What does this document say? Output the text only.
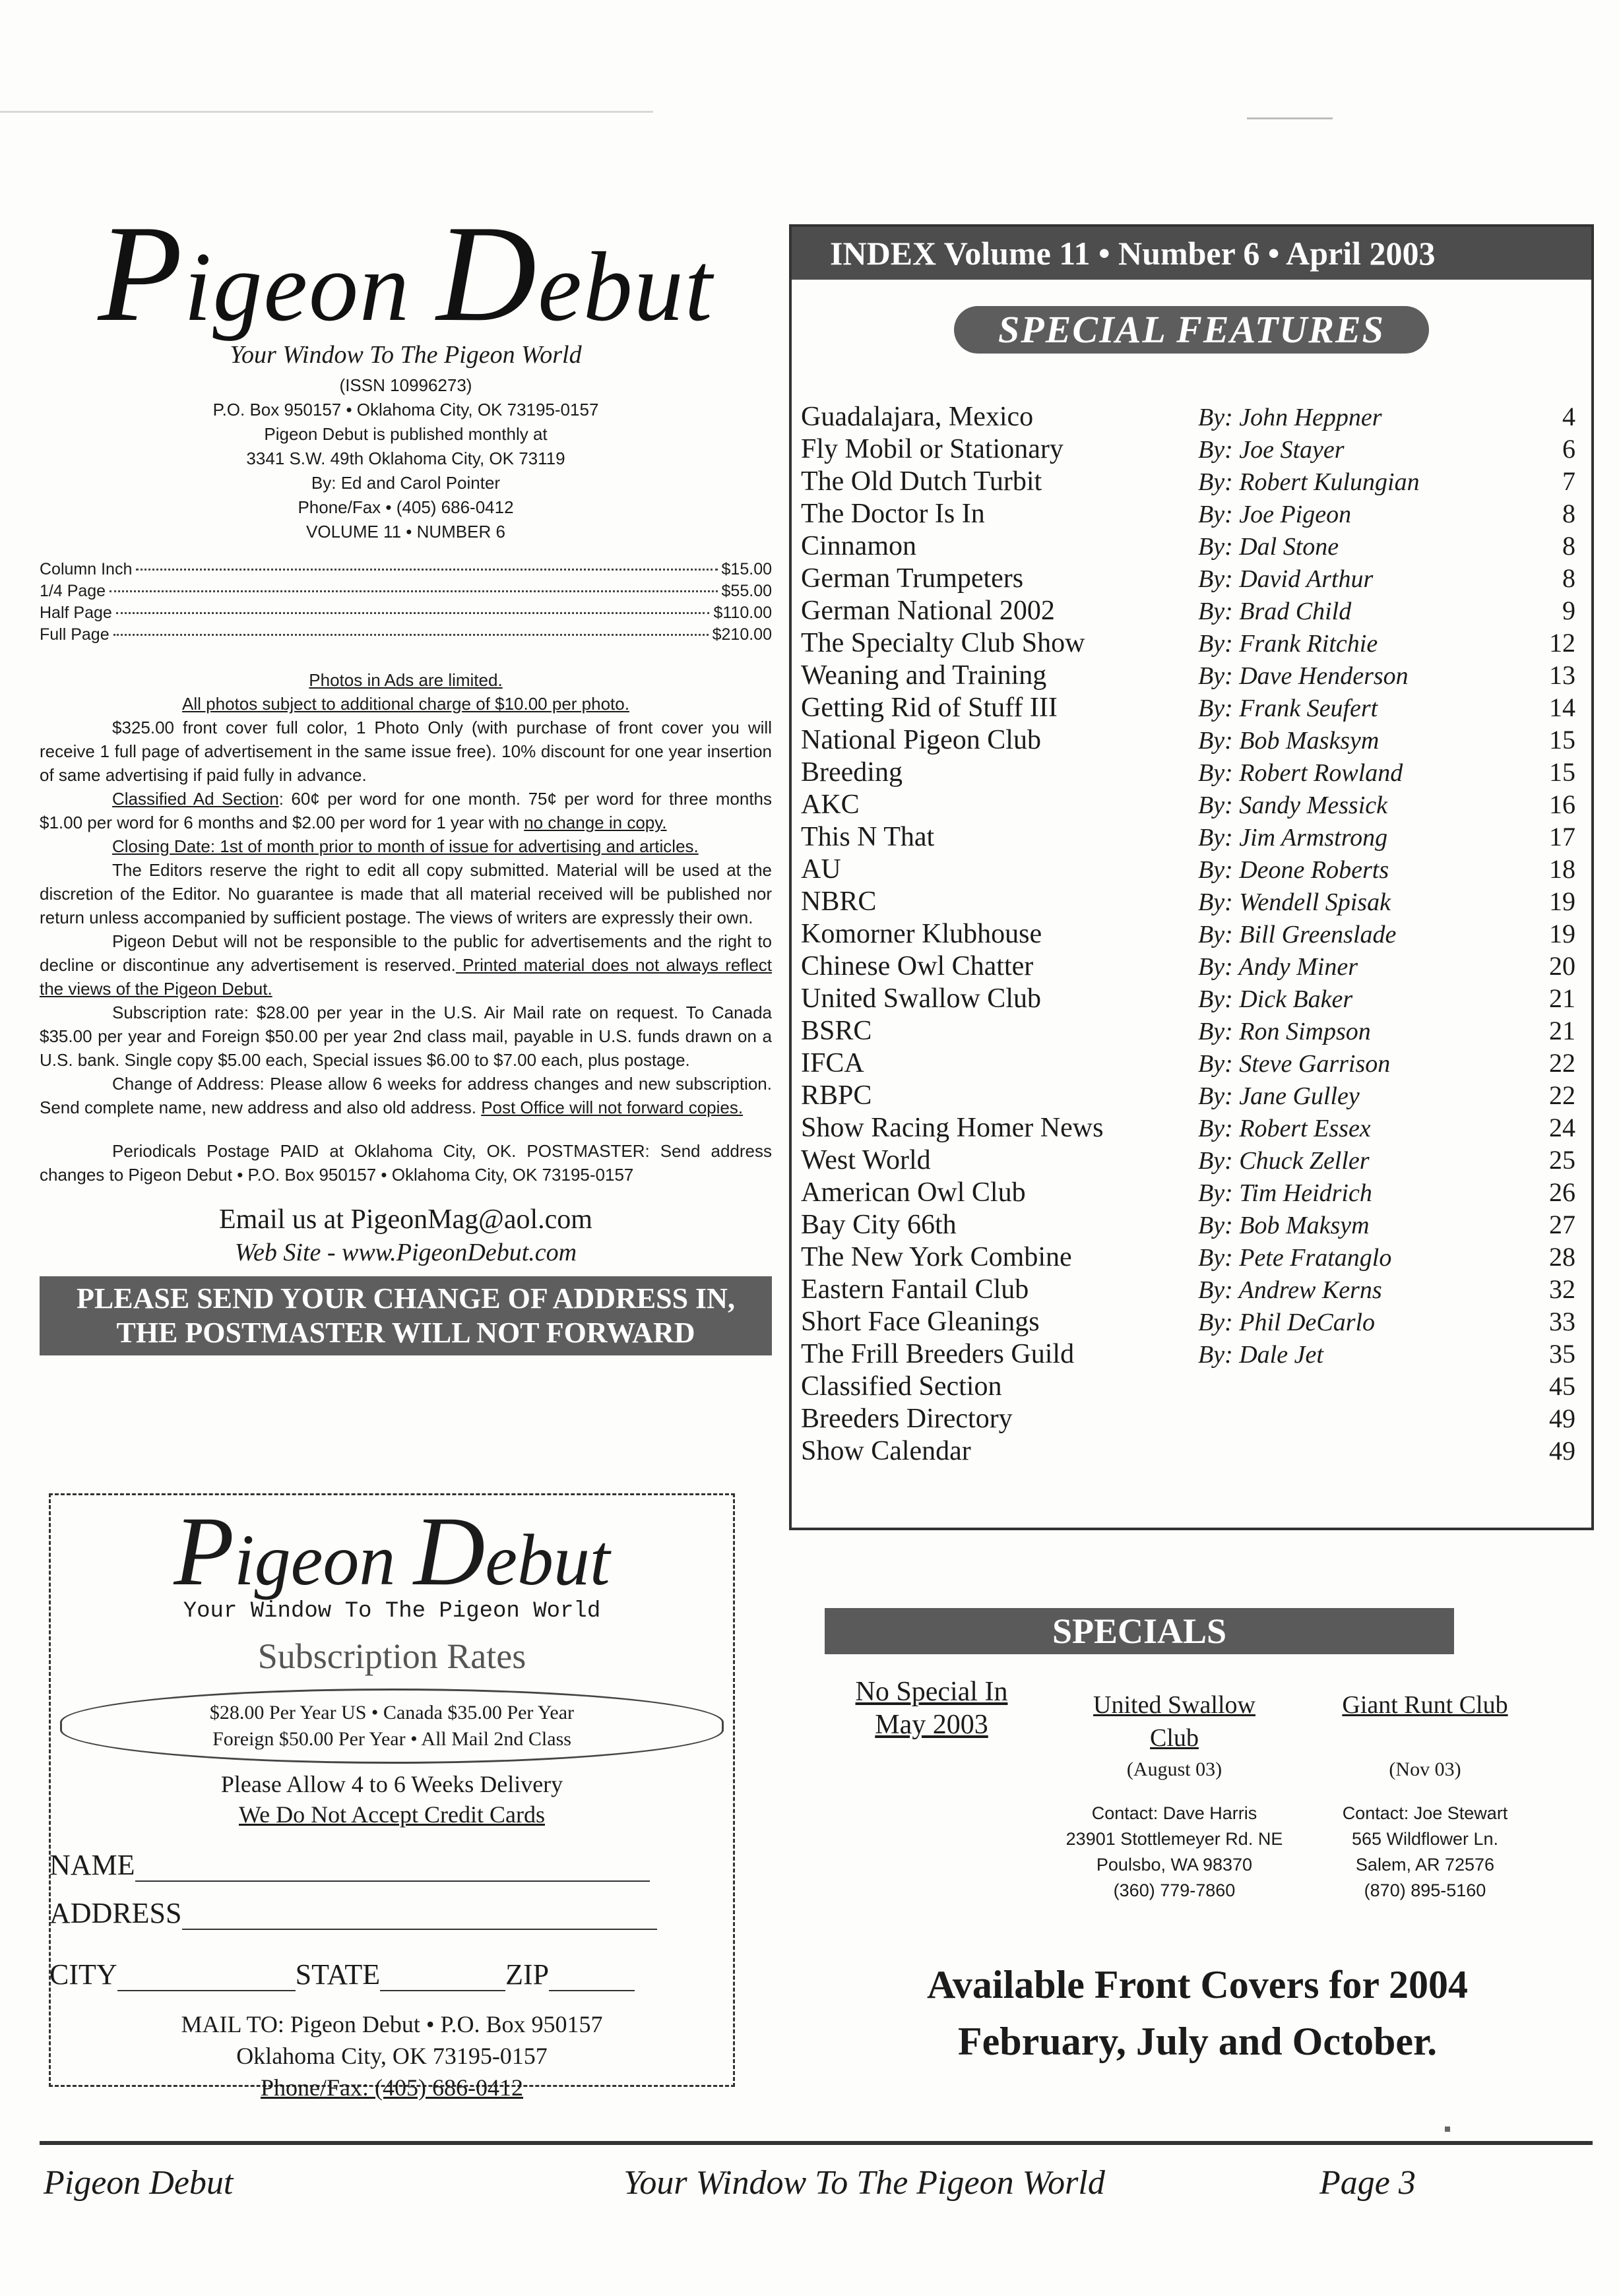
Pigeon Debut
Your Window To The Pigeon World
(ISSN 10996273)
P.O. Box 950157 • Oklahoma City, OK 73195-0157
Pigeon Debut is published monthly at
3341 S.W. 49th Oklahoma City, OK 73119
By: Ed and Carol Pointer
Phone/Fax • (405) 686-0412
VOLUME 11 • NUMBER 6
Column Inch	$15.00
1/4 Page	$55.00
Half Page	$110.00
Full Page	$210.00

Photos in Ads are limited.

All photos subject to additional charge of $10.00 per photo.

$325.00 front cover full color, 1 Photo Only (with purchase of front cover you will receive 1 full page of advertisement in the same issue free). 10% discount for one year insertion of same advertising if paid fully in advance.

Classified Ad Section: 60¢ per word for one month. 75¢ per word for three months $1.00 per word for 6 months and $2.00 per word for 1 year with no change in copy.

Closing Date: 1st of month prior to month of issue for advertising and articles.

The Editors reserve the right to edit all copy submitted. Material will be used at the discretion of the Editor. No guarantee is made that all material received will be published nor return unless accompanied by sufficient postage. The views of writers are expressly their own.

Pigeon Debut will not be responsible to the public for advertisements and the right to decline or discontinue any advertisement is reserved. Printed material does not always reflect the views of the Pigeon Debut.

Subscription rate: $28.00 per year in the U.S. Air Mail rate on request. To Canada $35.00 per year and Foreign $50.00 per year 2nd class mail, payable in U.S. funds drawn on a U.S. bank. Single copy $5.00 each, Special issues $6.00 to $7.00 each, plus postage.

Change of Address: Please allow 6 weeks for address changes and new subscription. Send complete name, new address and also old address. Post Office will not forward copies.

Periodicals Postage PAID at Oklahoma City, OK. POSTMASTER: Send address changes to Pigeon Debut • P.O. Box 950157 • Oklahoma City, OK 73195-0157

Email us at PigeonMag@aol.com
Web Site - www.PigeonDebut.com
PLEASE SEND YOUR CHANGE OF ADDRESS IN,
THE POSTMASTER WILL NOT FORWARD
Pigeon Debut
Your Window To The Pigeon World
Subscription Rates
$28.00 Per Year US • Canada $35.00 Per Year
Foreign $50.00 Per Year • All Mail 2nd Class
Please Allow 4 to 6 Weeks Delivery
We Do Not Accept Credit Cards
NAME
ADDRESS
CITY	STATE	ZIP
MAIL TO: Pigeon Debut • P.O. Box 950157
Oklahoma City, OK 73195-0157
Phone/Fax: (405) 686-0412
INDEX Volume 11 • Number 6 • April 2003
SPECIAL FEATURES
Guadalajara, Mexico	By: John Heppner	4
Fly Mobil or Stationary	By: Joe Stayer	6
The Old Dutch Turbit	By: Robert Kulungian	7
The Doctor Is In	By: Joe Pigeon	8
Cinnamon	By: Dal Stone	8
German Trumpeters	By: David Arthur	8
German National 2002	By: Brad Child	9
The Specialty Club Show	By: Frank Ritchie	12
Weaning and Training	By: Dave Henderson	13
Getting Rid of Stuff III	By: Frank Seufert	14
National Pigeon Club	By: Bob Masksym	15
Breeding	By: Robert Rowland	15
AKC	By: Sandy Messick	16
This N That	By: Jim Armstrong	17
AU	By: Deone Roberts	18
NBRC	By: Wendell Spisak	19
Komorner Klubhouse	By: Bill Greenslade	19
Chinese Owl Chatter	By: Andy Miner	20
United Swallow Club	By: Dick Baker	21
BSRC	By: Ron Simpson	21
IFCA	By: Steve Garrison	22
RBPC	By: Jane Gulley	22
Show Racing Homer News	By: Robert Essex	24
West World	By: Chuck Zeller	25
American Owl Club	By: Tim Heidrich	26
Bay City 66th	By: Bob Maksym	27
The New York Combine	By: Pete Fratanglo	28
Eastern Fantail Club	By: Andrew Kerns	32
Short Face Gleanings	By: Phil DeCarlo	33
The Frill Breeders Guild	By: Dale Jet	35
Classified Section	45
Breeders Directory	49
Show Calendar	49
SPECIALS
No Special In
May 2003
United Swallow
Club
(August 03)
Contact: Dave Harris
23901 Stottlemeyer Rd. NE
Poulsbo, WA 98370
(360) 779-7860
Giant Runt Club
(Nov 03)
Contact: Joe Stewart
565 Wildflower Ln.
Salem, AR 72576
(870) 895-5160
Available Front Covers for 2004
February, July and October.
Pigeon Debut	Your Window To The Pigeon World	Page 3
